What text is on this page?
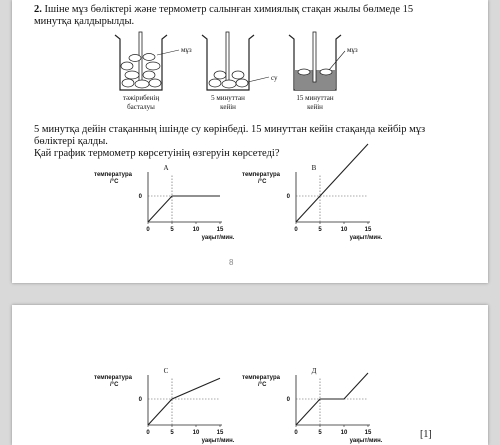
2. Ішіне мұз бөліктері және термометр салынған химиялық стақан жылы бөлмеде 15
минутқа қалдырылды.
мұз
су
мұз
тәжірибенің
басталуы
5 минуттан
кейін
15 минуттан
кейін
5 минутқа дейін стақанның ішінде су көрінбеді. 15 минуттан кейін стақанда кейбір мұз
бөліктері қалды.
Қай график термометр көрсетуінің өзгеруін көрсетеді?
A
температура
/°C
0
0	5	10	15
уақыт/мин.
B
температура
/°C
0
0	5	10	15
уақыт/мин.
8
C
температура
/°C
0
0	5	10	15
уақыт/мин.
Д
температура
/°C
0
0	5	10	15
уақыт/мин.
[1]
